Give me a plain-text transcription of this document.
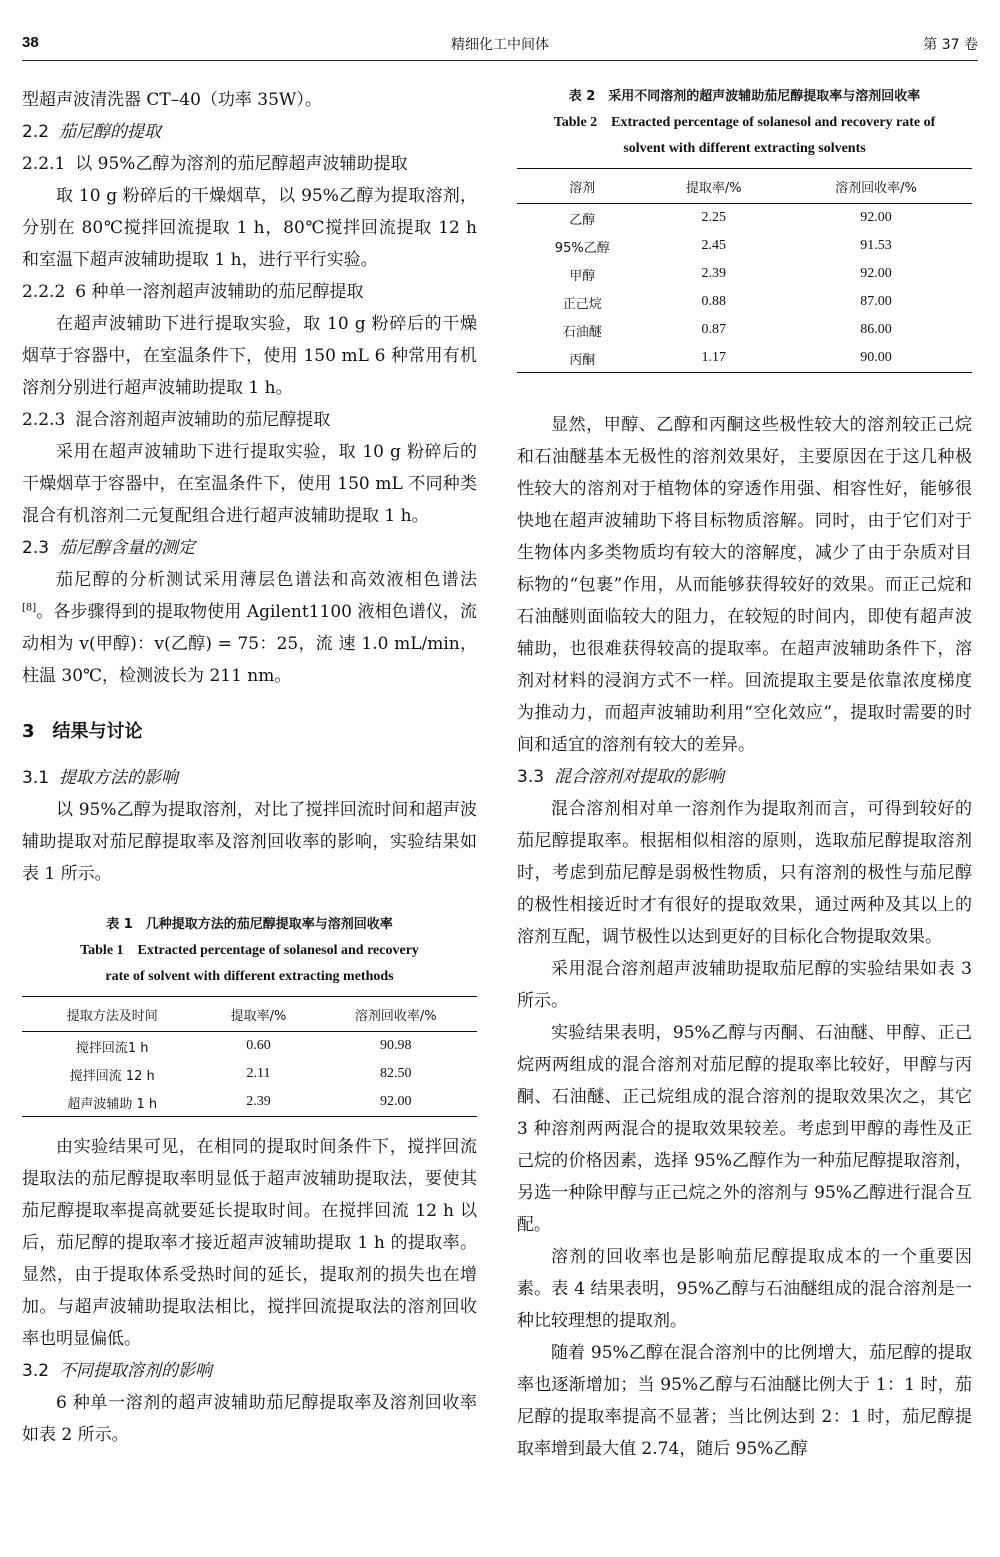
38	精细化工中间体	第 37 卷

型超声波清洗器 CT–40（功率 35W）。

2.2 茄尼醇的提取
2.2.1 以 95%乙醇为溶剂的茄尼醇超声波辅助提取

取 10 g 粉碎后的干燥烟草，以 95%乙醇为提取溶剂，分别在 80℃搅拌回流提取 1 h，80℃搅拌回流提取 12 h 和室温下超声波辅助提取 1 h，进行平行实验。

2.2.2 6 种单一溶剂超声波辅助的茄尼醇提取

在超声波辅助下进行提取实验，取 10 g 粉碎后的干燥烟草于容器中，在室温条件下，使用 150 mL 6 种常用有机溶剂分别进行超声波辅助提取 1 h。

2.2.3 混合溶剂超声波辅助的茄尼醇提取

采用在超声波辅助下进行提取实验，取 10 g 粉碎后的干燥烟草于容器中，在室温条件下，使用 150 mL 不同种类混合有机溶剂二元复配组合进行超声波辅助提取 1 h。

2.3 茄尼醇含量的测定

茄尼醇的分析测试采用薄层色谱法和高效液相色谱法[8]。各步骤得到的提取物使用 Agilent1100 液相色谱仪，流动相为 v(甲醇)：v(乙醇) = 75：25，流 速 1.0 mL/min，柱温 30℃，检测波长为 211 nm。

3 结果与讨论
3.1 提取方法的影响

以 95%乙醇为提取溶剂，对比了搅拌回流时间和超声波辅助提取对茄尼醇提取率及溶剂回收率的影响，实验结果如表 1 所示。

表 1　几种提取方法的茄尼醇提取率与溶剂回收率
Table 1　Extracted percentage of solanesol and recovery
rate of solvent with different extracting methods
提取方法及时间	提取率/%	溶剂回收率/%
搅拌回流1 h	0.60	90.98
搅拌回流 12 h	2.11	82.50
超声波辅助 1 h	2.39	92.00

由实验结果可见，在相同的提取时间条件下，搅拌回流提取法的茄尼醇提取率明显低于超声波辅助提取法，要使其茄尼醇提取率提高就要延长提取时间。在搅拌回流 12 h 以后，茄尼醇的提取率才接近超声波辅助提取 1 h 的提取率。显然，由于提取体系受热时间的延长，提取剂的损失也在增加。与超声波辅助提取法相比，搅拌回流提取法的溶剂回收率也明显偏低。

3.2 不同提取溶剂的影响

6 种单一溶剂的超声波辅助茄尼醇提取率及溶剂回收率如表 2 所示。

表 2　采用不同溶剂的超声波辅助茄尼醇提取率与溶剂回收率
Table 2　Extracted percentage of solanesol and recovery rate of
solvent with different extracting solvents
溶剂	提取率/%	溶剂回收率/%
乙醇	2.25	92.00
95%乙醇	2.45	91.53
甲醇	2.39	92.00
正己烷	0.88	87.00
石油醚	0.87	86.00
丙酮	1.17	90.00

显然，甲醇、乙醇和丙酮这些极性较大的溶剂较正己烷和石油醚基本无极性的溶剂效果好，主要原因在于这几种极性较大的溶剂对于植物体的穿透作用强、相容性好，能够很快地在超声波辅助下将目标物质溶解。同时，由于它们对于生物体内多类物质均有较大的溶解度，减少了由于杂质对目标物的“包裹”作用，从而能够获得较好的效果。而正己烷和石油醚则面临较大的阻力，在较短的时间内，即使有超声波辅助，也很难获得较高的提取率。在超声波辅助条件下，溶剂对材料的浸润方式不一样。回流提取主要是依靠浓度梯度为推动力，而超声波辅助利用“空化效应”，提取时需要的时间和适宜的溶剂有较大的差异。

3.3 混合溶剂对提取的影响

混合溶剂相对单一溶剂作为提取剂而言，可得到较好的茄尼醇提取率。根据相似相溶的原则，选取茄尼醇提取溶剂时，考虑到茄尼醇是弱极性物质，只有溶剂的极性与茄尼醇的极性相接近时才有很好的提取效果，通过两种及其以上的溶剂互配，调节极性以达到更好的目标化合物提取效果。

采用混合溶剂超声波辅助提取茄尼醇的实验结果如表 3 所示。

实验结果表明，95%乙醇与丙酮、石油醚、甲醇、正己烷两两组成的混合溶剂对茄尼醇的提取率比较好，甲醇与丙酮、石油醚、正己烷组成的混合溶剂的提取效果次之，其它 3 种溶剂两两混合的提取效果较差。考虑到甲醇的毒性及正己烷的价格因素，选择 95%乙醇作为一种茄尼醇提取溶剂，另选一种除甲醇与正己烷之外的溶剂与 95%乙醇进行混合互配。

溶剂的回收率也是影响茄尼醇提取成本的一个重要因素。表 4 结果表明，95%乙醇与石油醚组成的混合溶剂是一种比较理想的提取剂。

随着 95%乙醇在混合溶剂中的比例增大，茄尼醇的提取率也逐渐增加；当 95%乙醇与石油醚比例大于 1：1 时，茄尼醇的提取率提高不显著；当比例达到 2：1 时，茄尼醇提取率增到最大值 2.74，随后 95%乙醇
